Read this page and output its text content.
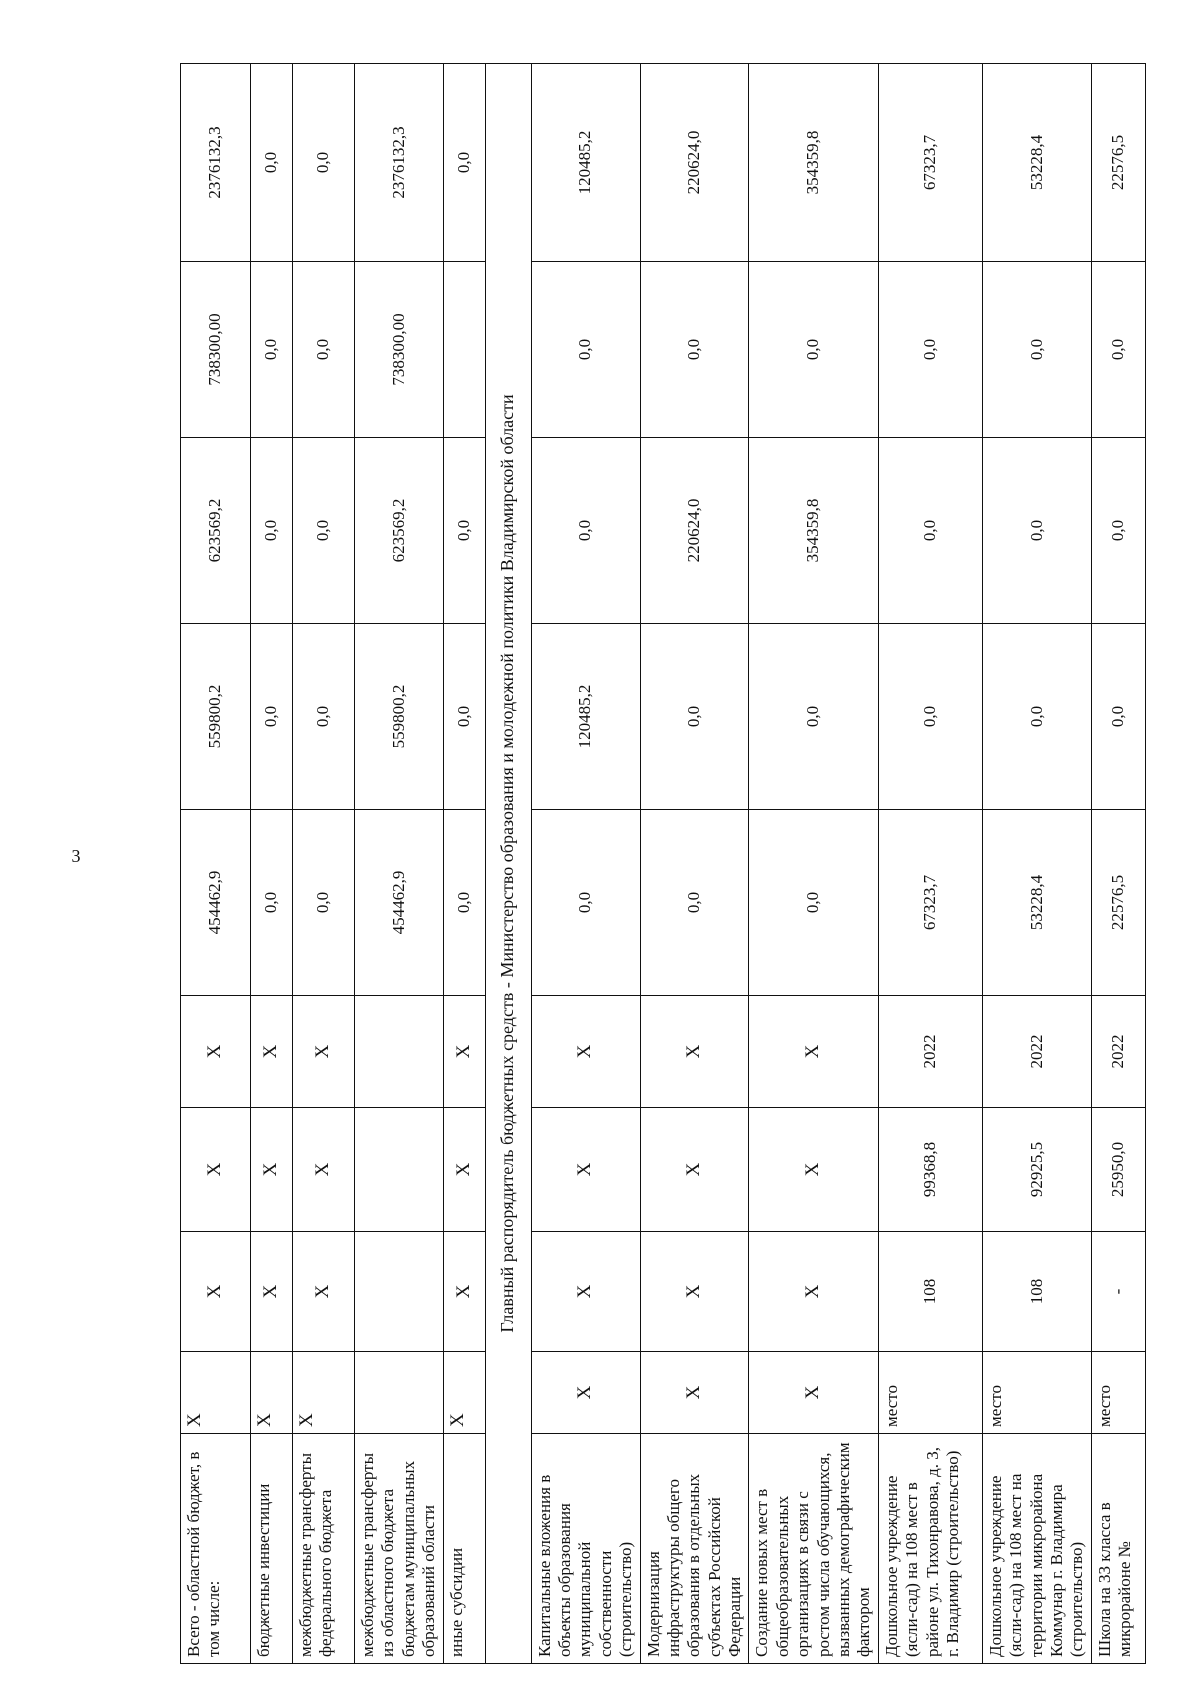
3
Всего - областной бюджет, в том числе:	X	X	X	X	454462,9	559800,2	623569,2	738300,00	2376132,3
бюджетные инвестиции	X	X	X	X	0,0	0,0	0,0	0,0	0,0
межбюджетные трансферты федерального бюджета	X	X	X	X	0,0	0,0	0,0	0,0	0,0
межбюджетные трансферты из областного бюджета бюджетам муниципальных образований области					454462,9	559800,2	623569,2	738300,00	2376132,3
иные субсидии	X	X	X	X	0,0	0,0	0,0		0,0
Главный распорядитель бюджетных средств - Министерство образования и молодежной политики Владимирской области									
Капитальные вложения в объекты образования муниципальной собственности (строительство)	X	X	X	X	0,0	120485,2	0,0	0,0	120485,2
Модернизация инфраструктуры общего образования в отдельных субъектах Российской Федерации	X	X	X	X	0,0	0,0	220624,0	0,0	220624,0
Создание новых мест в общеобразовательных организациях в связи с ростом числа обучающихся, вызванных демографическим фактором	X	X	X	X	0,0	0,0	354359,8	0,0	354359,8
Дошкольное учреждение (ясли-сад) на 108 мест в районе ул. Тихонравова, д. 3, г. Владимир (строительство)	место	108	99368,8	2022	67323,7	0,0	0,0	0,0	67323,7
Дошкольное учреждение (ясли-сад) на 108 мест на территории микрорайона Коммунар г. Владимира (строительство)	место	108	92925,5	2022	53228,4	0,0	0,0	0,0	53228,4
Школа на 33 класса в микрорайоне №	место	-	25950,0	2022	22576,5	0,0	0,0	0,0	22576,5
